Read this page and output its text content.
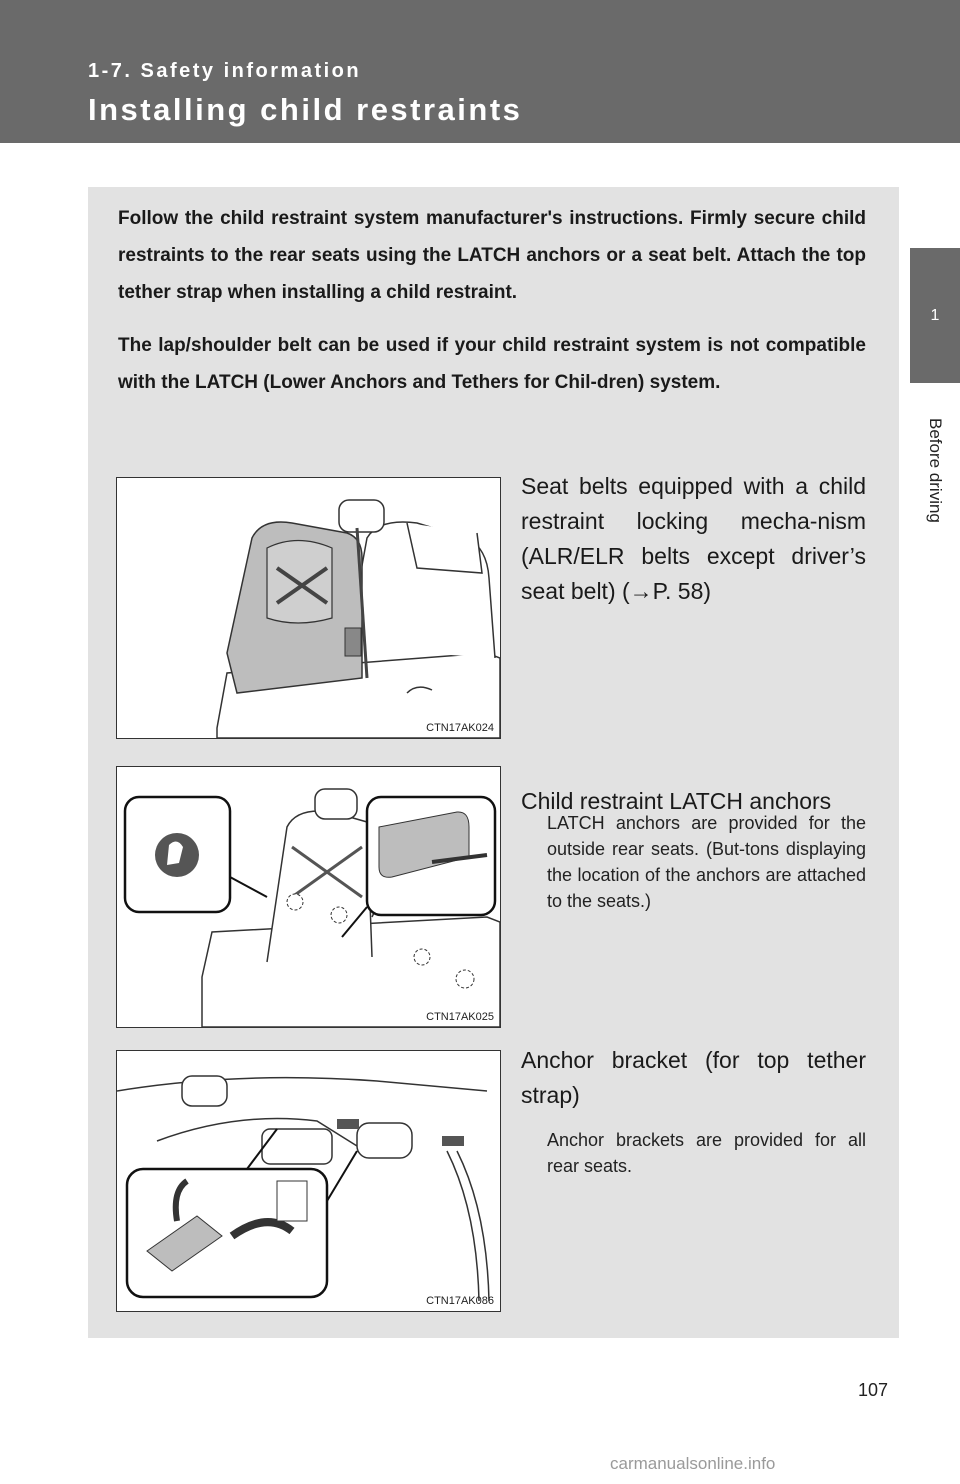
1-7. Safety information
Installing child restraints
1
Before driving

Follow the child restraint system manufacturer's instructions. Firmly secure child restraints to the rear seats using the LATCH anchors or a seat belt. Attach the top tether strap when installing a child restraint.

The lap/shoulder belt can be used if your child restraint system is not compatible with the LATCH (Lower Anchors and Tethers for Chil-dren) system.

CTN17AK024
Seat belts equipped with a child restraint locking mecha-nism (ALR/ELR belts except driver’s seat belt) (→P. 58)
CTN17AK025
Child restraint LATCH anchors
LATCH anchors are provided for the outside rear seats. (But-tons displaying the location of the anchors are attached to the seats.)
CTN17AK086
Anchor bracket (for top tether strap)
Anchor brackets are provided for all rear seats.
107
carmanualsonline.info
